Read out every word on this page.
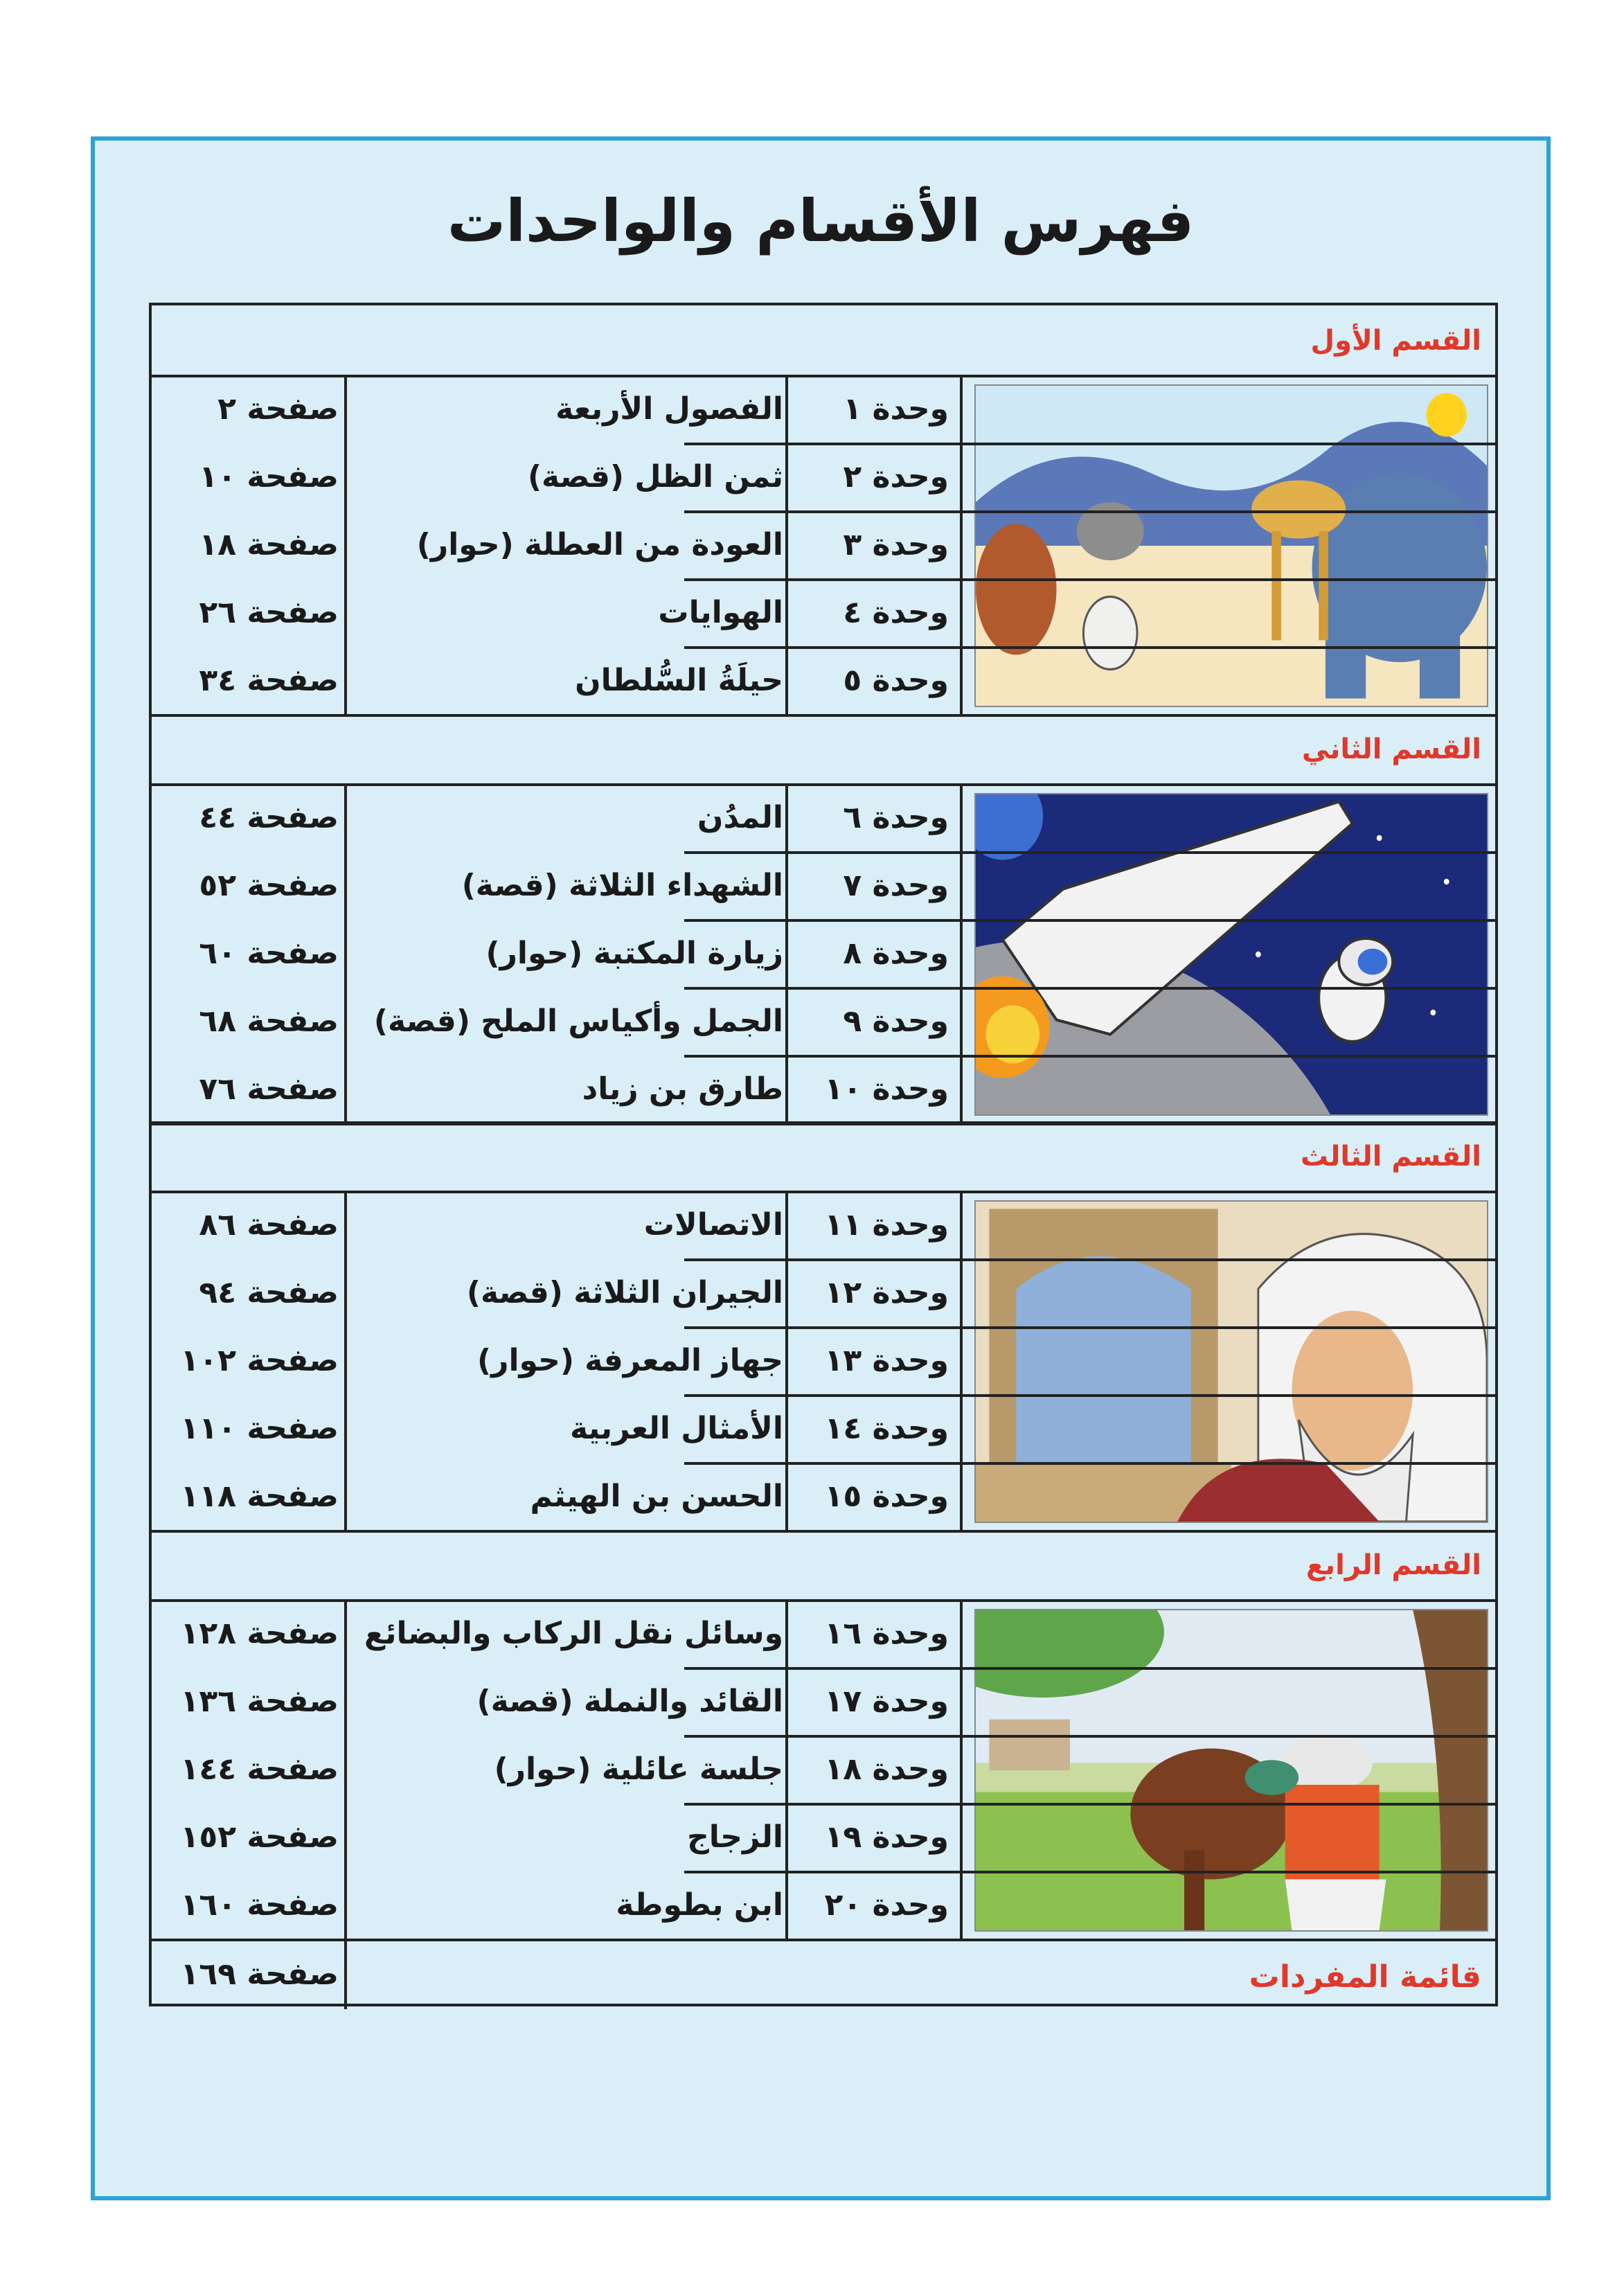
فهرس الأقسام والواحدات
قائمة المفردات
القسم الأول
وحدة ١
الفصول الأربعة
صفحة ٢
وحدة ٢
ثمن الظل (قصة)
صفحة ١٠
وحدة ٣
العودة من العطلة (حوار)
صفحة ١٨
وحدة ٤
الهوايات
صفحة ٢٦
وحدة ٥
حيلَةُ السُّلطان
صفحة ٣٤
القسم الثاني
وحدة ٦
المدُن
صفحة ٤٤
وحدة ٧
الشهداء الثلاثة (قصة)
صفحة ٥٢
وحدة ٨
زيارة المكتبة (حوار)
صفحة ٦٠
وحدة ٩
الجمل وأكياس الملح (قصة)
صفحة ٦٨
وحدة ١٠
طارق بن زياد
صفحة ٧٦
القسم الثالث
وحدة ١١
الاتصالات
صفحة ٨٦
وحدة ١٢
الجيران الثلاثة (قصة)
صفحة ٩٤
وحدة ١٣
جهاز المعرفة (حوار)
صفحة ١٠٢
وحدة ١٤
الأمثال العربية
صفحة ١١٠
وحدة ١٥
الحسن بن الهيثم
صفحة ١١٨
القسم الرابع
وحدة ١٦
وسائل نقل الركاب والبضائع
صفحة ١٢٨
وحدة ١٧
القائد والنملة (قصة)
صفحة ١٣٦
وحدة ١٨
جلسة عائلية (حوار)
صفحة ١٤٤
وحدة ١٩
الزجاج
صفحة ١٥٢
وحدة ٢٠
ابن بطوطة
صفحة ١٦٠
صفحة ١٦٩
